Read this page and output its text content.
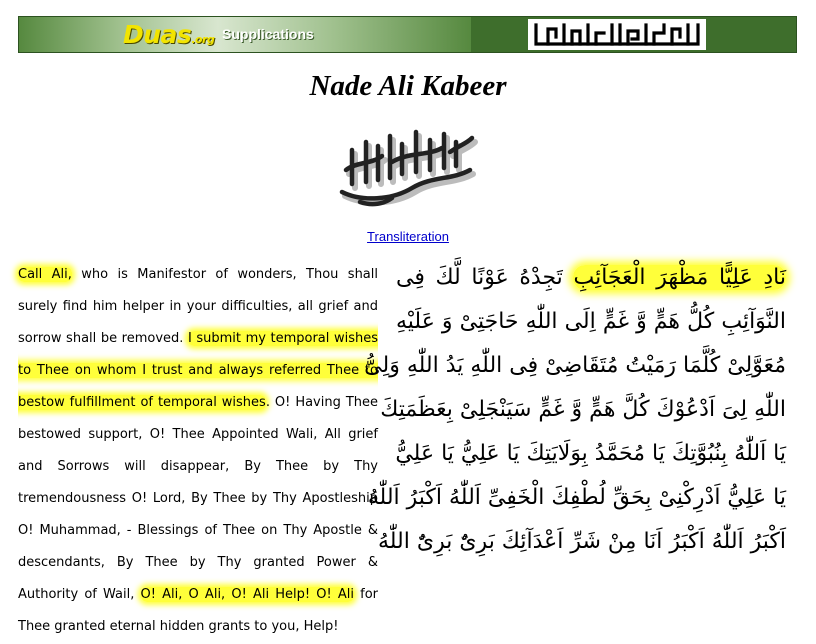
Duas.org Supplications
Nade Ali Kabeer
Transliteration
Call Ali, who is Manifestor of wonders, Thou shall surely find him helper in your difficulties, all grief and sorrow shall be removed. I submit my temporal wishes to Thee on whom I trust and always referred Thee to bestow fulfillment of temporal wishes. O! Having Thee bestowed support, O! Thee Appointed Wali, All grief and Sorrows will disappear, By Thee by Thy tremendousness O! Lord, By Thee by Thy Apostleship O! Muhammad, - Blessings of Thee on Thy Apostle & descendants, By Thee by Thy granted Power & Authority of Wail, O! Ali, O Ali, O! Ali Help! O! Ali for Thee granted eternal hidden grants to you, Help!
نَادِ عَلِيًّا مَظْهَرَ الْعَجَآئِبِ تَجِدْهُ عَوْنًا لَّكَ فِى
النَّوَآئِبِ كُلُّ هَمٍّ وَّ غَمٍّ اِلَى اللّٰهِ حَاجَتِىْ وَ عَلَيْهِ
مُعَوَّلِىْ كُلَّمَا رَمَيْتُ مُتَقَاضِىْ فِى اللّٰهِ يَدُ اللّٰهِ وَلِىُّ
اللّٰهِ لِىَ اَدْعُوْكَ كُلَّ هَمٍّ وَّ غَمٍّ سَيَنْجَلِىْ بِعَظَمَتِكَ
يَا اَللّٰهُ بِنُبُوَّتِكَ يَا مُحَمَّدُ بِوَلَايَتِكَ يَا عَلِيُّ يَا عَلِيُّ
يَا عَلِيُّ اَدْرِكْنِىْ بِحَقِّ لُطْفِكَ الْخَفِىِّ اَللّٰهُ اَكْبَرُ اَللّٰهُ
اَكْبَرُ اَللّٰهُ اَكْبَرُ اَنَا مِنْ شَرِّ اَعْدَآئِكَ بَرِىٌٔ بَرِىٌٔ اللّٰهُ
